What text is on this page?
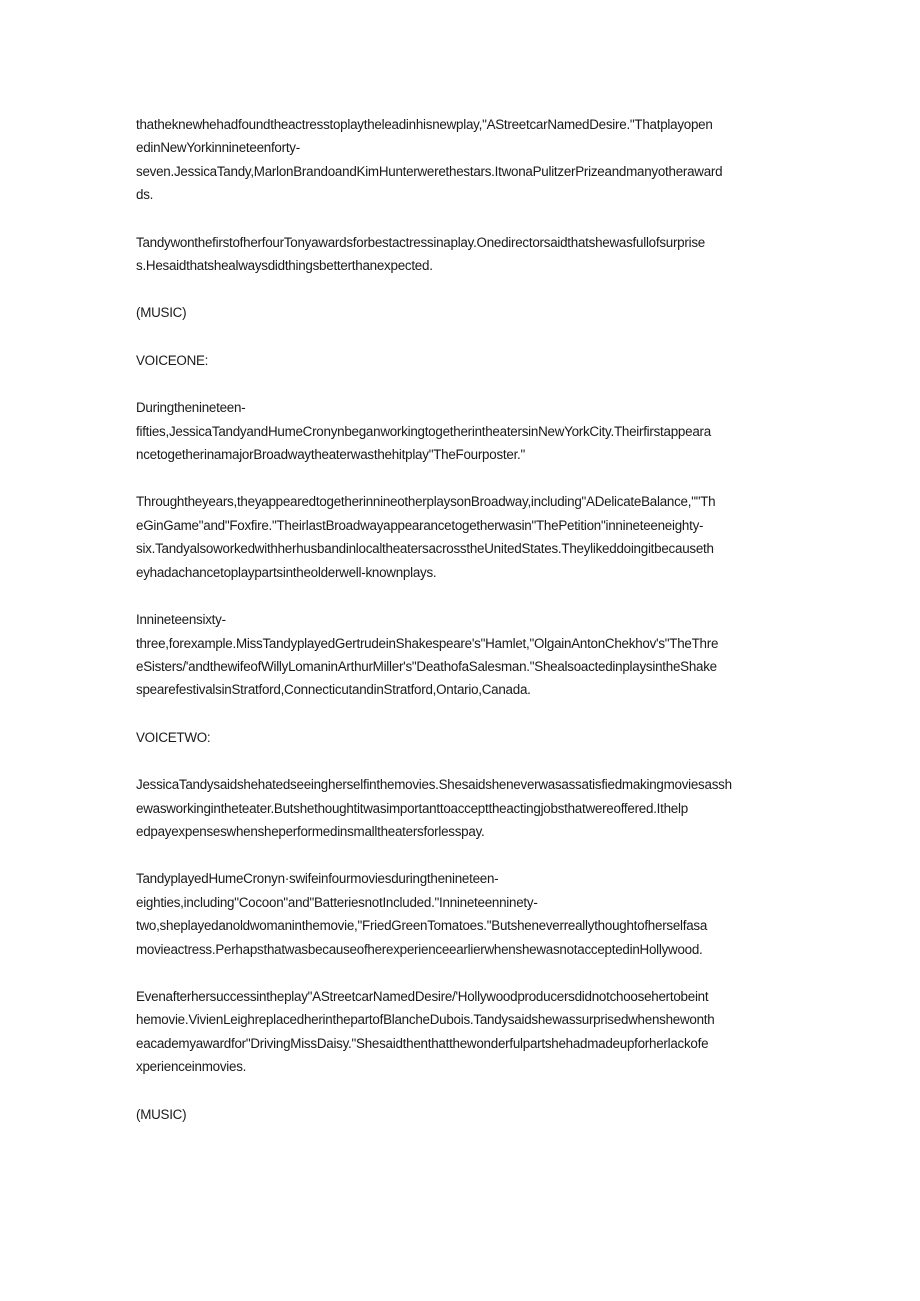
thatheknewhehadfoundtheactresstoplaytheleadinhisnewplay,"AStreetcarNamedDesire."Thatplayopen
edinNewYorkinnineteenforty-
seven.JessicaTandy,MarlonBrandoandKimHunterwerethestars.ItwonaPulitzerPrizeandmanyotheraward
ds.

TandywonthefirstofherfourTonyawardsforbestactressinaplay.Onedirectorsaidthatshewasfullofsurprise
s.Hesaidthatshealwaysdidthingsbetterthanexpected.

(MUSIC)

VOICEONE:

Duringthenineteen-
fifties,JessicaTandyandHumeCronynbeganworkingtogetherintheatersinNewYorkCity.Theirfirstappeara
ncetogetherinamajorBroadwaytheaterwasthehitplay"TheFourposter."

Throughtheyears,theyappearedtogetherinnineotherplaysonBroadway,including"ADelicateBalance,""Th
eGinGame"and"Foxfire."TheirlastBroadwayappearancetogetherwasin"ThePetition"innineteeneighty-
six.TandyalsoworkedwithherhusbandinlocaltheatersacrosstheUnitedStates.Theylikeddoingitbecauseth
eyhadachancetoplaypartsintheolderwell-knownplays.

Innineteensixty-
three,forexample.MissTandyplayedGertrudeinShakespeare's"Hamlet,"OlgainAntonChekhov's"TheThre
eSisters/'andthewifeofWillyLomaninArthurMiller's"DeathofaSalesman."Sheals​oactedinplaysintheShake
spearefestivalsinStratford,ConnecticutandinStratford,Ontario,Canada.

VOICETWO:

JessicaTandysaidshehatedseeingherselfinthemovies.Shesaidsheneverwasassatisfiedmakingmoviesassh
ewasworkingintheteater.Butshethoughtitwasimportanttoaccepttheactingjobsthatwereoffered.Ithelp
edpayexpenseswhensheperformedinsmalltheatersforlesspay.

TandyplayedHumeCronyn·swifeinfourmoviesduringthenineteen-
eighties,including"Cocoon"and"BatteriesnotIncluded."Innineteenninety-
two,sheplayedanoldwomaninthemovie,"FriedGreenTomatoes."Butsheneverreallythoughtofherselfasa
movieactress.PerhapsthatwasbecauseofherexperienceearlierwhenshewasnotacceptedinHollywood.

Evenafterhersuccessintheplay"AStreetcarNamedDesire/'Hollywoodproducersdidnotchoosehertobeint
hemovie.VivienLeighreplacedherinthepartofBlancheDubois.Tandysaidshewassurprisedwhenshewonth
eacademyawardfor"DrivingMissDaisy."Shesaidthenthatthewonderfulpartshehadmadeupforherlackofe
xperienceinmovies.

(MUSIC)
